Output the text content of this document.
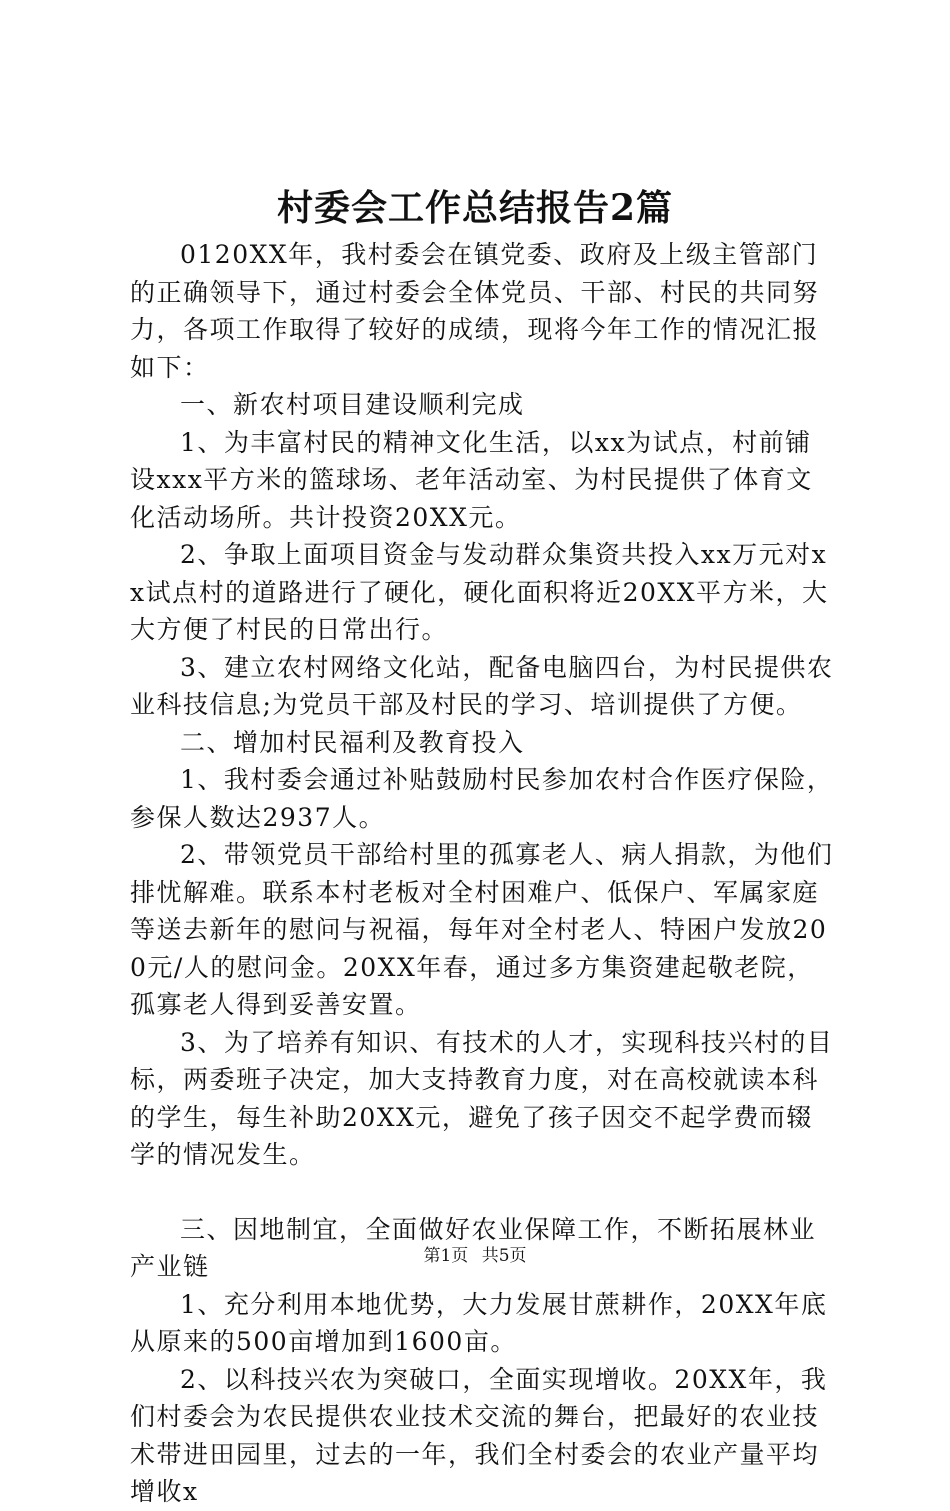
村委会工作总结报告2篇

0120XX年，我村委会在镇党委、政府及上级主管部门的正确领导下，通过村委会全体党员、干部、村民的共同努力，各项工作取得了较好的成绩，现将今年工作的情况汇报如下：

一、新农村项目建设顺利完成

1、为丰富村民的精神文化生活，以xx为试点，村前铺设xxx平方米的篮球场、老年活动室、为村民提供了体育文化活动场所。共计投资20XX元。

2、争取上面项目资金与发动群众集资共投入xx万元对xx试点村的道路进行了硬化，硬化面积将近20XX平方米，大大方便了村民的日常出行。

3、建立农村网络文化站，配备电脑四台，为村民提供农业科技信息;为党员干部及村民的学习、培训提供了方便。

二、增加村民福利及教育投入

1、我村委会通过补贴鼓励村民参加农村合作医疗保险，参保人数达2937人。

2、带领党员干部给村里的孤寡老人、病人捐款，为他们排忧解难。联系本村老板对全村困难户、低保户、军属家庭等送去新年的慰问与祝福，每年对全村老人、特困户发放200元/人的慰问金。20XX年春，通过多方集资建起敬老院，孤寡老人得到妥善安置。

3、为了培养有知识、有技术的人才，实现科技兴村的目标，两委班子决定，加大支持教育力度，对在高校就读本科的学生，每生补助20XX元，避免了孩子因交不起学费而辍学的情况发生。

三、因地制宜，全面做好农业保障工作，不断拓展林业产业链

1、充分利用本地优势，大力发展甘蔗耕作，20XX年底从原来的500亩增加到1600亩。

2、以科技兴农为突破口，全面实现增收。20XX年，我们村委会为农民提供农业技术交流的舞台，把最好的农业技术带进田园里，过去的一年，我们全村委会的农业产量平均增收x

第1页 共5页
